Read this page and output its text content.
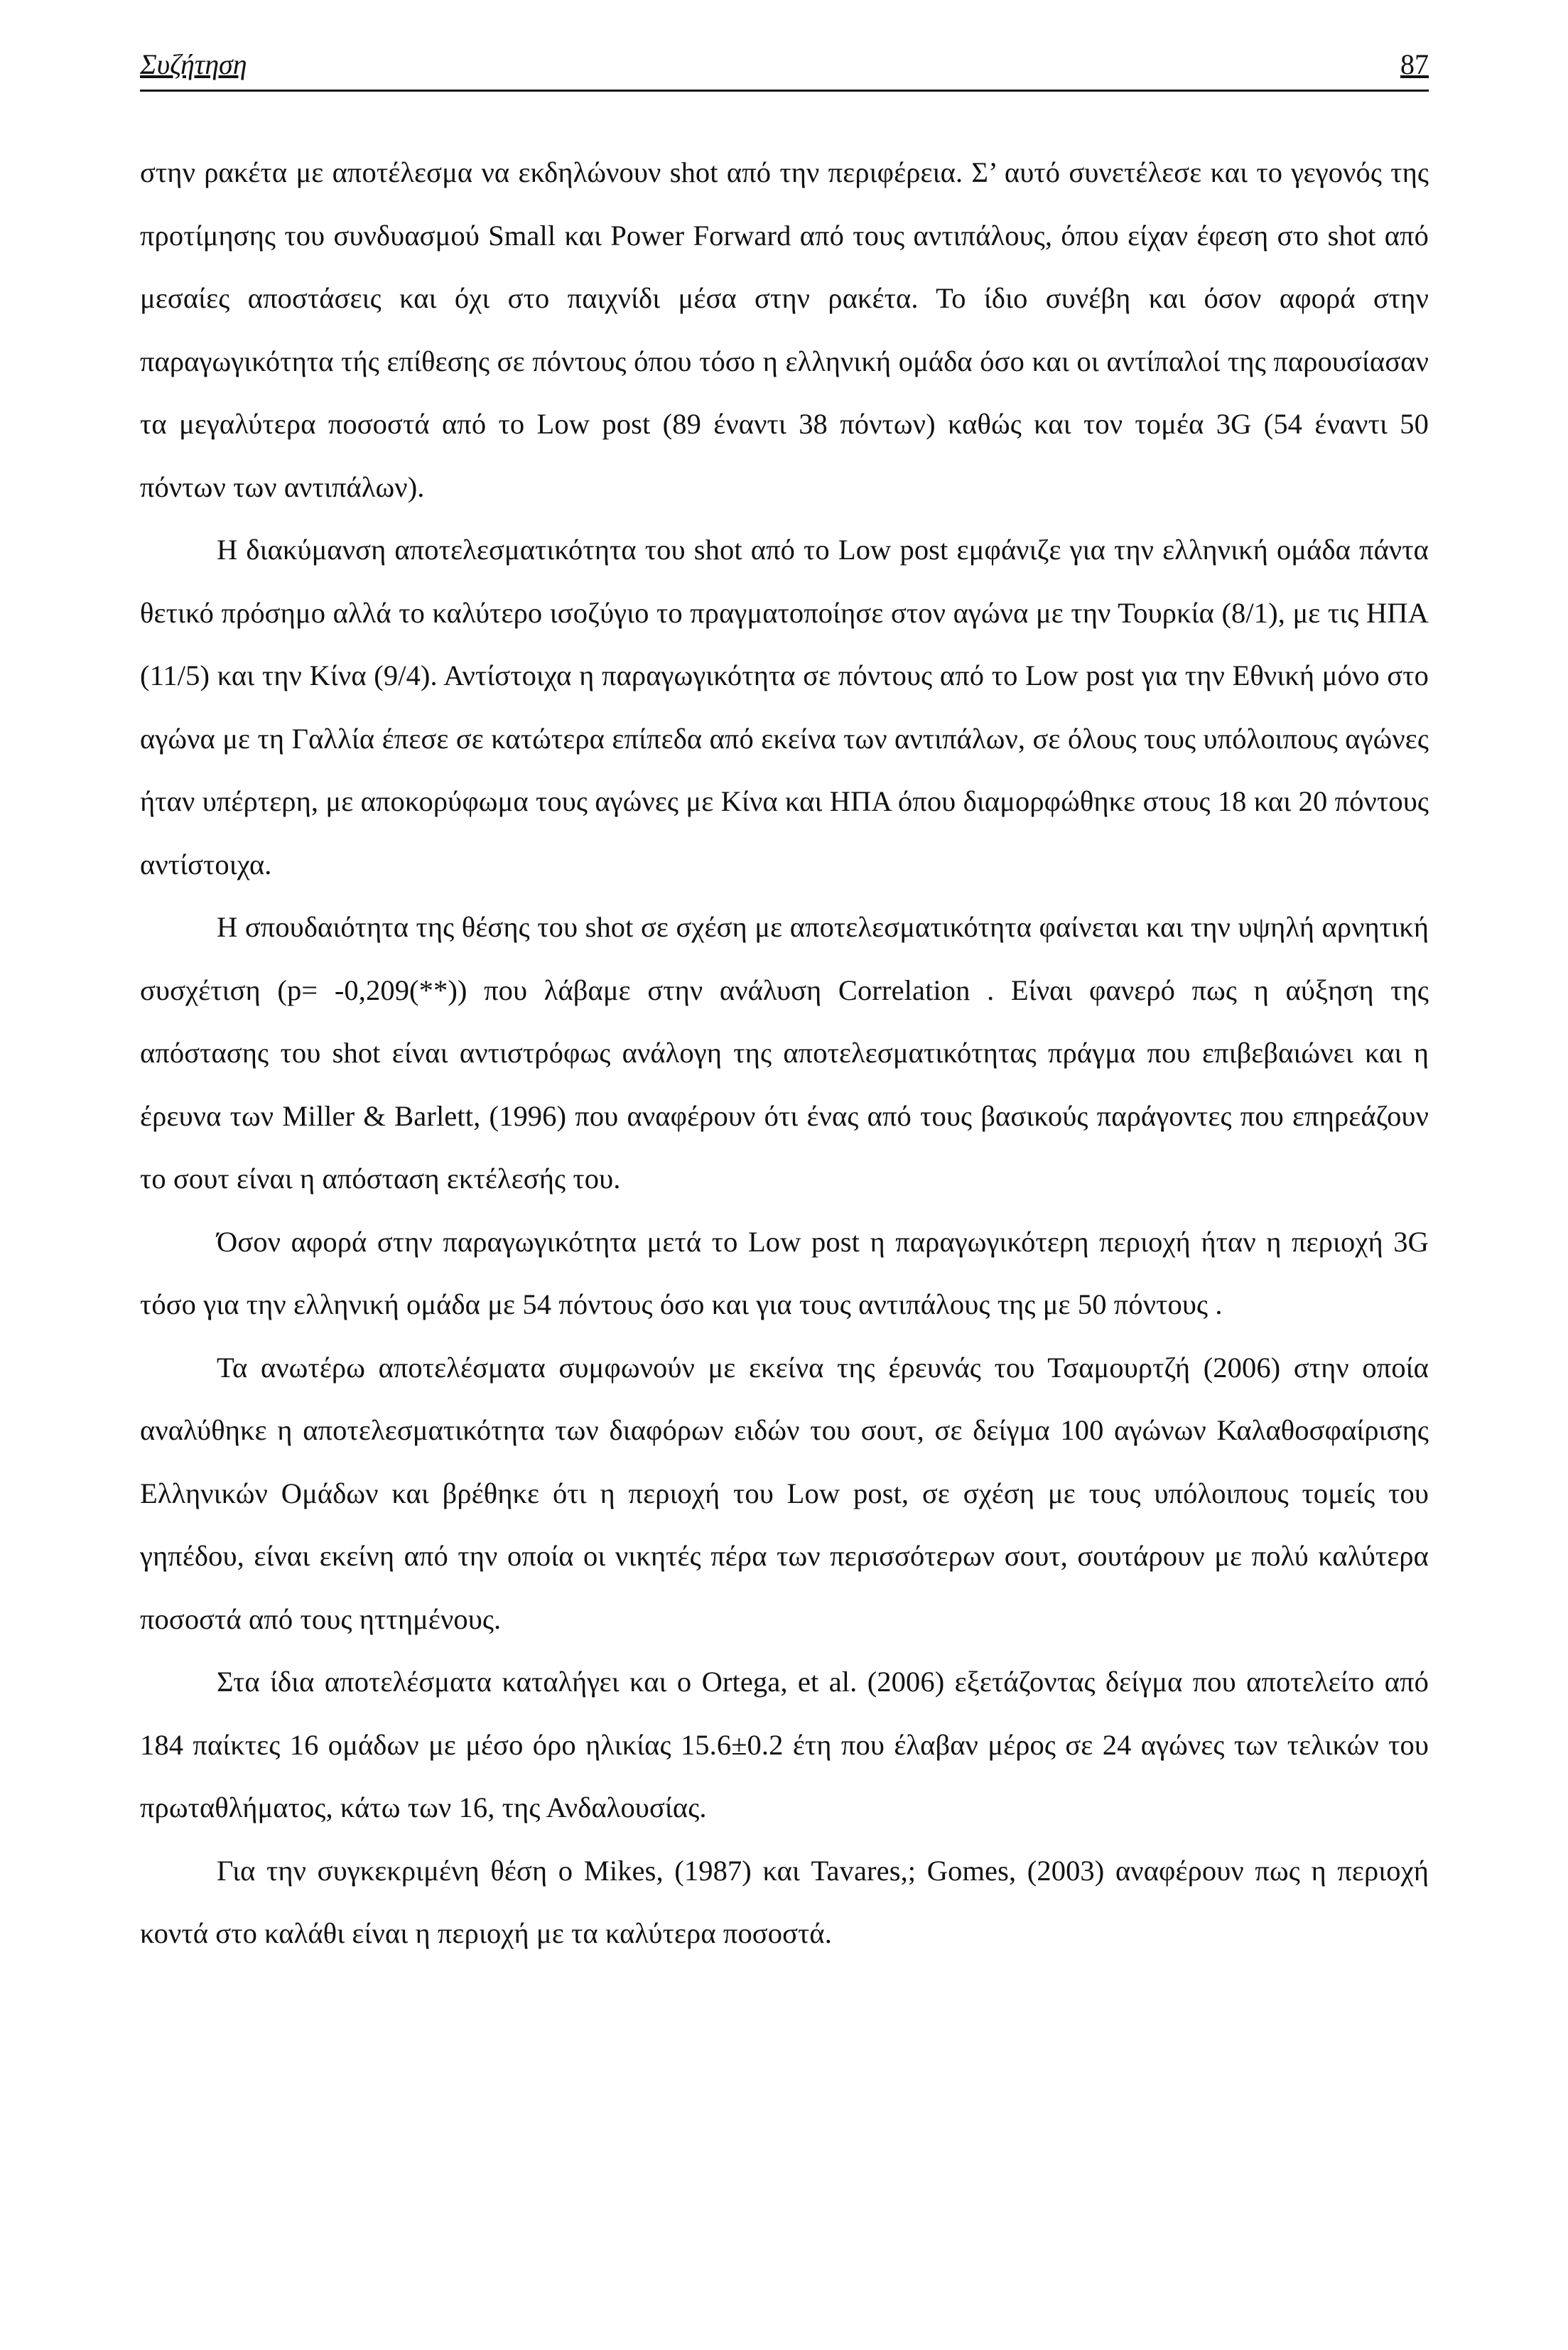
Συζήτηση	87

στην ρακέτα με αποτέλεσμα να εκδηλώνουν shot από την περιφέρεια. Σ’ αυτό συνετέλεσε και το γεγονός της προτίμησης του συνδυασμού Small και Power Forward από τους αντιπάλους, όπου είχαν έφεση στο shot από μεσαίες αποστάσεις και όχι στο παιχνίδι μέσα στην ρακέτα. Το ίδιο συνέβη και όσον αφορά στην παραγωγικότητα τής επίθεσης σε πόντους όπου τόσο η ελληνική ομάδα όσο και οι αντίπαλοί της παρουσίασαν τα μεγαλύτερα ποσοστά από το Low post (89 έναντι 38 πόντων) καθώς και τον τομέα 3G (54 έναντι 50 πόντων των αντιπάλων).

Η διακύμανση αποτελεσματικότητα του shot από το Low post εμφάνιζε για την ελληνική ομάδα πάντα θετικό πρόσημο αλλά το καλύτερο ισοζύγιο το πραγματοποίησε στον αγώνα με την Τουρκία (8/1), με τις ΗΠΑ (11/5) και την Κίνα (9/4). Αντίστοιχα η παραγωγικότητα σε πόντους από το Low post για την Εθνική μόνο στο αγώνα με τη Γαλλία έπεσε σε κατώτερα επίπεδα από εκείνα των αντιπάλων, σε όλους τους υπόλοιπους αγώνες ήταν υπέρτερη, με αποκορύφωμα τους αγώνες με Κίνα και ΗΠΑ όπου διαμορφώθηκε στους 18 και 20 πόντους αντίστοιχα.

Η σπουδαιότητα της θέσης του shot σε σχέση με αποτελεσματικότητα φαίνεται και την υψηλή αρνητική συσχέτιση (p= -0,209(**)) που λάβαμε στην ανάλυση Correlation . Είναι φανερό πως η αύξηση της απόστασης του shot είναι αντιστρόφως ανάλογη της αποτελεσματικότητας πράγμα που επιβεβαιώνει και η έρευνα των Miller & Barlett, (1996) που αναφέρουν ότι ένας από τους βασικούς παράγοντες που επηρεάζουν το σουτ είναι η απόσταση εκτέλεσής του.

Όσον αφορά στην παραγωγικότητα μετά το Low post η παραγωγικότερη περιοχή ήταν η περιοχή 3G τόσο για την ελληνική ομάδα με 54 πόντους όσο και για τους αντιπάλους της με 50 πόντους .

Τα ανωτέρω αποτελέσματα συμφωνούν με εκείνα της έρευνάς του Τσαμουρτζή (2006) στην οποία αναλύθηκε η αποτελεσματικότητα των διαφόρων ειδών του σουτ, σε δείγμα 100 αγώνων Καλαθοσφαίρισης Ελληνικών Ομάδων και βρέθηκε ότι η περιοχή του Low post, σε σχέση με τους υπόλοιπους τομείς του γηπέδου, είναι εκείνη από την οποία οι νικητές πέρα των περισσότερων σουτ, σουτάρουν με πολύ καλύτερα ποσοστά από τους ηττημένους.

Στα ίδια αποτελέσματα καταλήγει και ο Ortega, et al. (2006) εξετάζοντας δείγμα που αποτελείτο από 184 παίκτες 16 ομάδων με μέσο όρο ηλικίας 15.6±0.2 έτη που έλαβαν μέρος σε 24 αγώνες των τελικών του πρωταθλήματος, κάτω των 16, της Ανδαλουσίας.

Για την συγκεκριμένη θέση ο Mikes, (1987) και Tavares,; Gomes, (2003) αναφέρουν πως η περιοχή κοντά στο καλάθι είναι η περιοχή με τα καλύτερα ποσοστά.
